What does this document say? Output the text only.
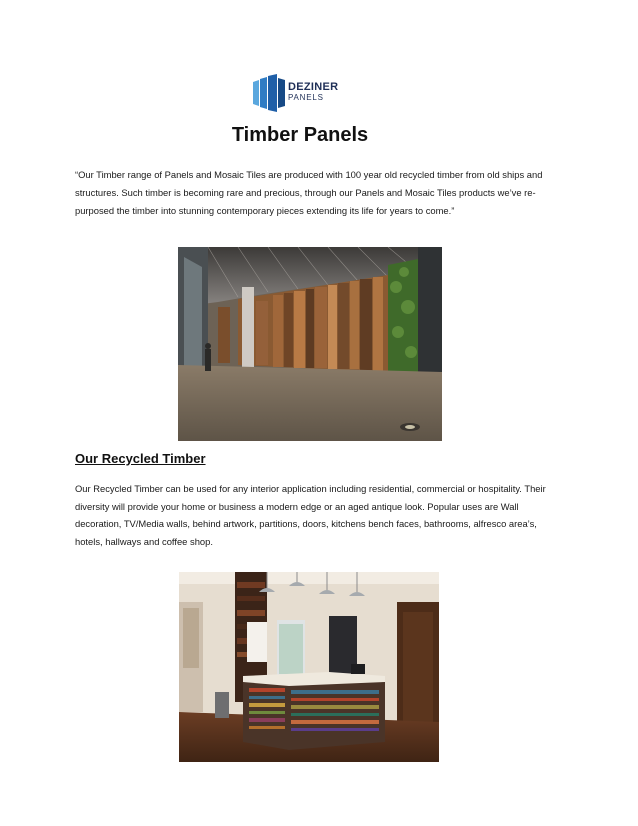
DEZINER
PANELS
Timber Panels

“Our Timber range of Panels and Mosaic Tiles are produced with 100 year old recycled timber from old ships and structures. Such timber is becoming rare and precious, through our Panels and Mosaic Tiles products we’ve re-purposed the timber into stunning contemporary pieces extending its life for years to come.”

Our Recycled Timber

Our Recycled Timber can be used for any interior application including residential, commercial or hospitality. Their diversity will provide your home or business a modern edge or an aged antique look. Popular uses are Wall decoration, TV/Media walls, behind artwork, partitions, doors, kitchens bench faces, bathrooms, alfresco area’s, hotels, hallways and coffee shop.
